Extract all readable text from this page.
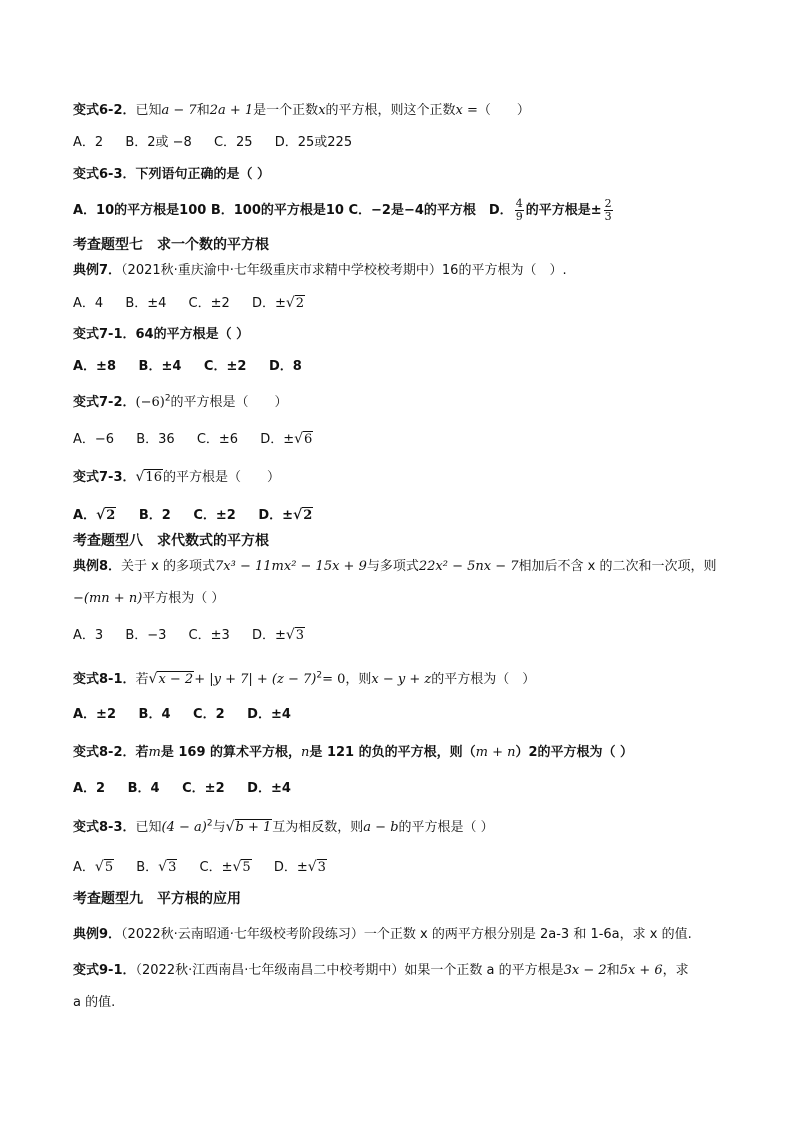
变式6-2．已知a − 7和2a + 1是一个正数x的平方根，则这个正数x =（　　）
A．2 B．2或 −8 C．25 D．25或225
变式6-3．下列语句正确的是（ ）
A．10的平方根是100 B．100的平方根是10 C．−2是−4的平方根　D． $\frac{4}{9}$ 的平方根是± $\frac{2}{3}$
考查题型七　求一个数的平方根
典例7．（2021秋·重庆渝中·七年级重庆市求精中学校校考期中）16的平方根为（　）.
A．4 B．±4 C．±2 D．±√2
变式7-1．64的平方根是（ ）
A．±8 B．±4 C．±2 D．8
变式7-2．$(-6)^2$的平方根是（　　）
A．−6 B．36 C．±6 D．±√6
变式7-3．√16的平方根是（　　）
A．√2 B．2 C．±2 D．±√2
考查题型八　求代数式的平方根
典例8．关于 x 的多项式7x³ − 11mx² − 15x + 9与多项式22x² − 5nx − 7相加后不含 x 的二次和一次项，则
−(mn + n)平方根为（ ）
A．3 B．−3 C．±3 D．±√3
变式8-1．若$√x - 2+ |y + 7| + (z - 7)^2= 0$，则x − y + z的平方根为（　）
A．±2 B．4 C．2 D．±4
变式8-2．若m是 169 的算术平方根，n是 121 的负的平方根，则（m + n）2的平方根为（ ）
A．2 B．4 C．±2 D．±4
变式8-3．已知$(4 - a)^2$与√b + 1互为相反数，则a − b的平方根是（ ）
A．√5 B．√3 C．±√5 D．±√3
考查题型九　平方根的应用
典例9．（2022秋·云南昭通·七年级校考阶段练习）一个正数 x 的两平方根分别是 2a-3 和 1-6a，求 x 的值.
变式9-1．（2022秋·江西南昌·七年级南昌二中校考期中）如果一个正数 a 的平方根是3x − 2和5x + 6，求
a 的值.
